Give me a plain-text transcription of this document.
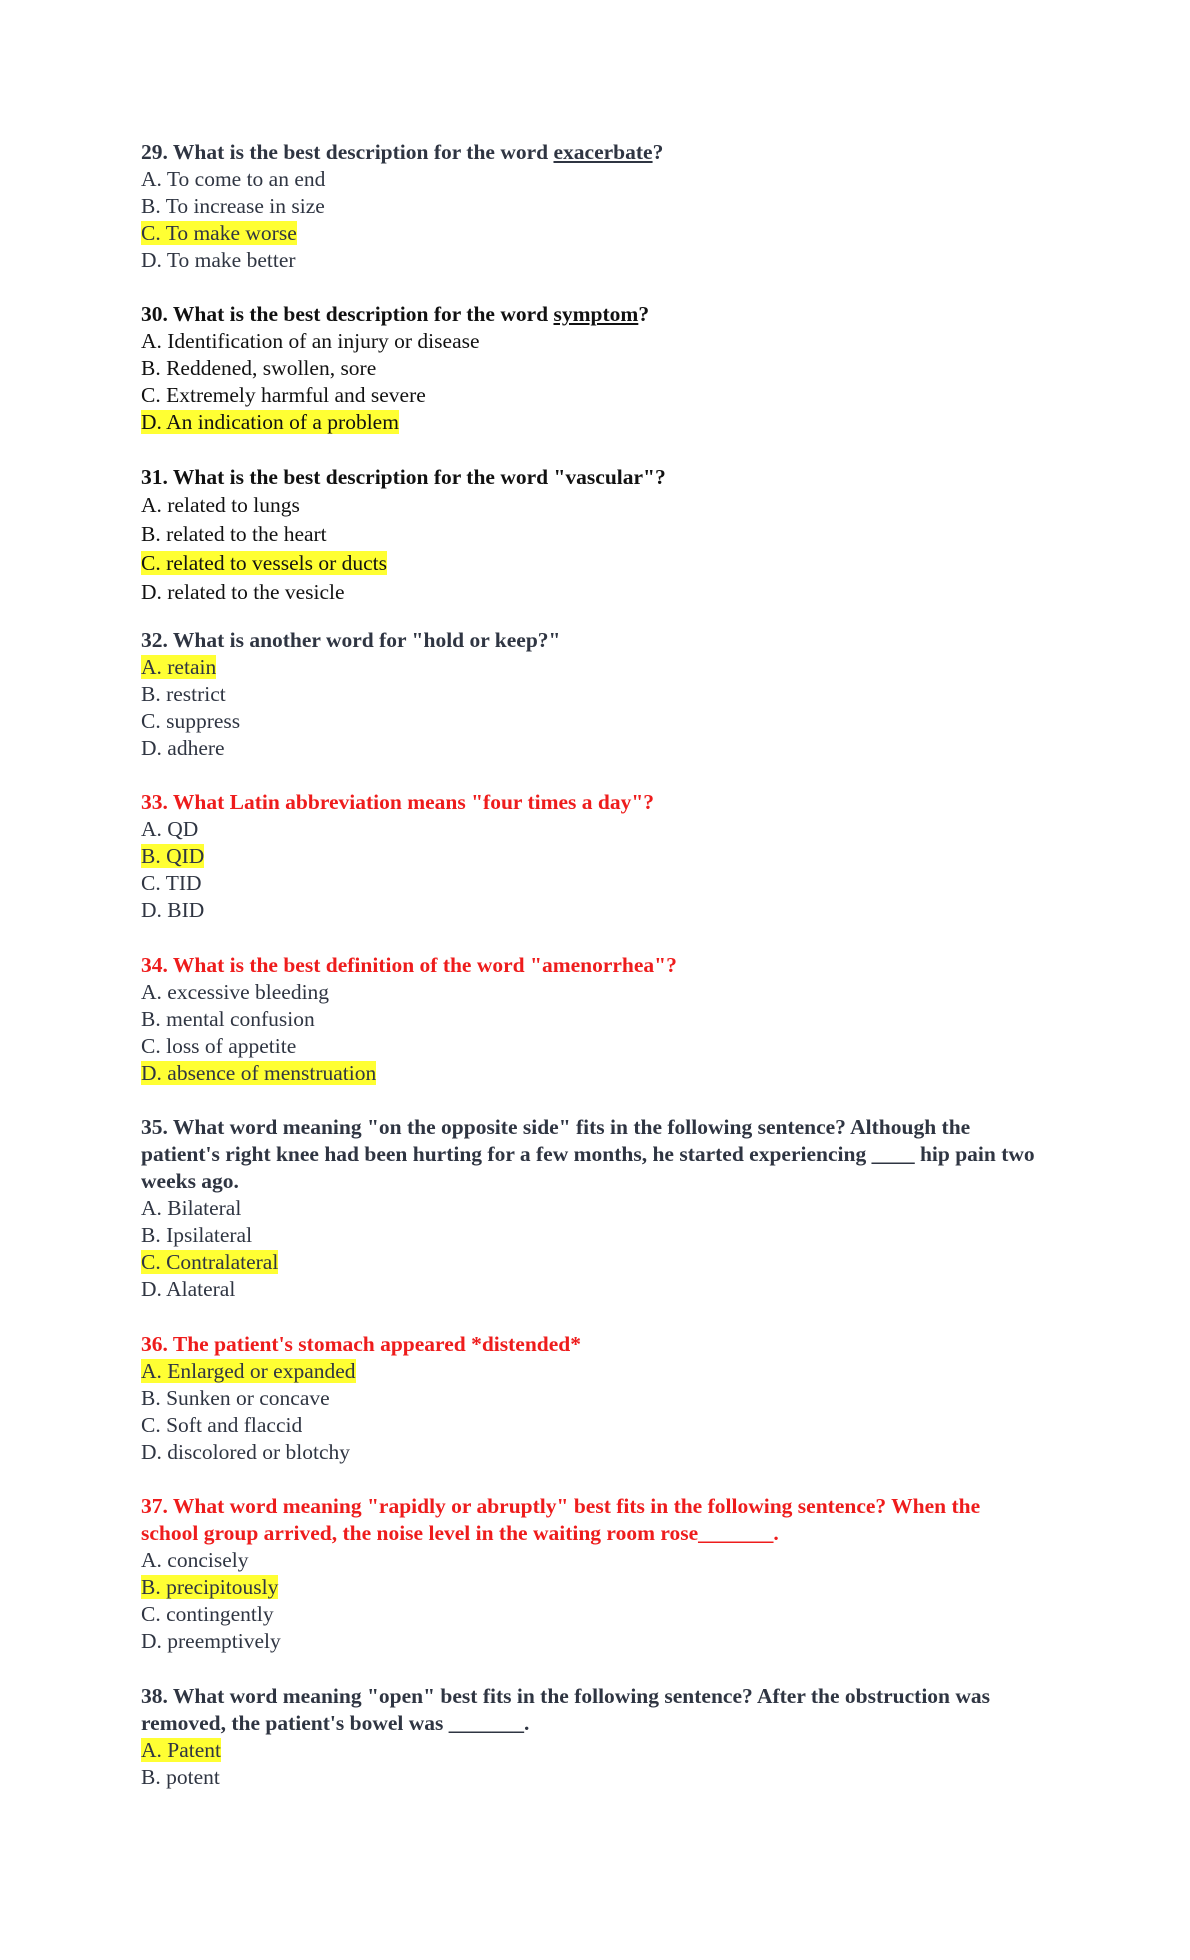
29. What is the best description for the word exacerbate?
A. To come to an end
B. To increase in size
C. To make worse
D. To make better
30. What is the best description for the word symptom?
A. Identification of an injury or disease
B. Reddened, swollen, sore
C. Extremely harmful and severe
D. An indication of a problem
31. What is the best description for the word "vascular"?
A. related to lungs
B. related to the heart
C. related to vessels or ducts
D. related to the vesicle
32. What is another word for "hold or keep?"
A. retain
B. restrict
C. suppress
D. adhere
33. What Latin abbreviation means "four times a day"?
A. QD
B. QID
C. TID
D. BID
34. What is the best definition of the word "amenorrhea"?
A. excessive bleeding
B. mental confusion
C. loss of appetite
D. absence of menstruation
35. What word meaning "on the opposite side" fits in the following sentence? Although the patient's right knee had been hurting for a few months, he started experiencing ____ hip pain two weeks ago.
A. Bilateral
B. Ipsilateral
C. Contralateral
D. Alateral
36. The patient's stomach appeared *distended*
A. Enlarged or expanded
B. Sunken or concave
C. Soft and flaccid
D. discolored or blotchy
37. What word meaning "rapidly or abruptly" best fits in the following sentence? When the school group arrived, the noise level in the waiting room rose_______.
A. concisely
B. precipitously
C. contingently
D. preemptively
38. What word meaning "open" best fits in the following sentence? After the obstruction was removed, the patient's bowel was _______.
A. Patent
B. potent
